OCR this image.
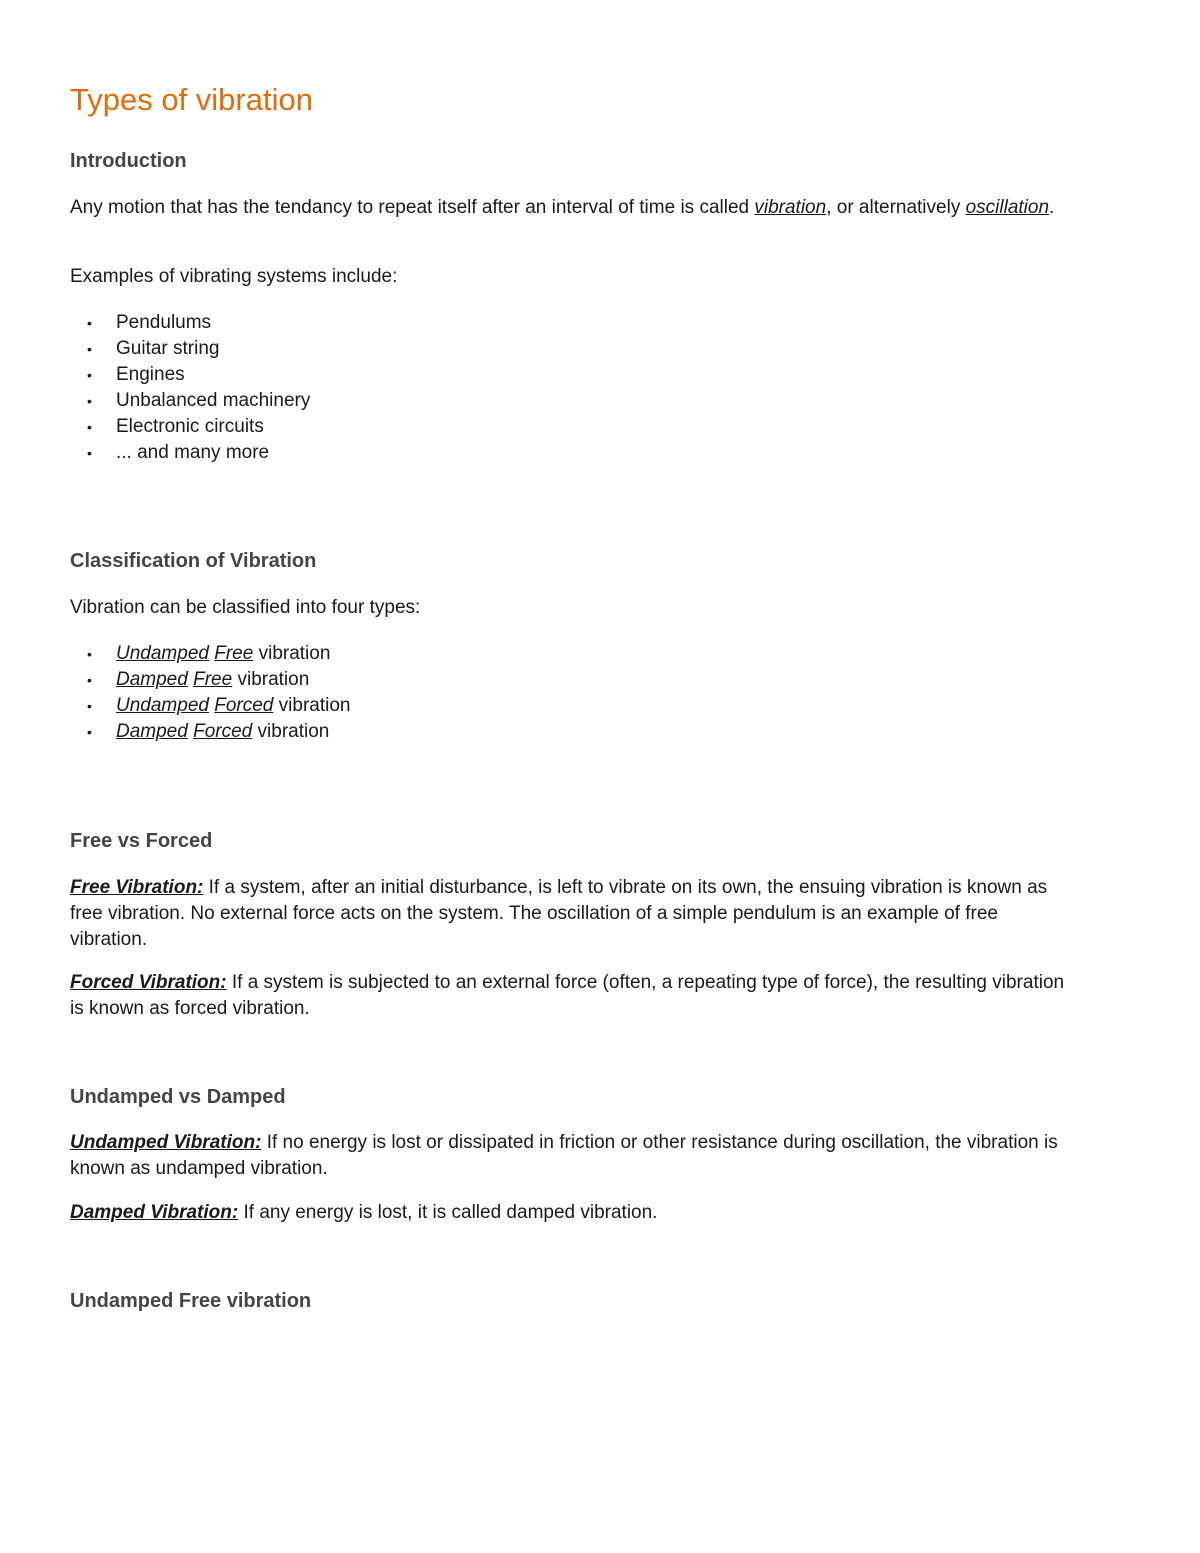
Types of vibration
Introduction

Any motion that has the tendancy to repeat itself after an interval of time is called vibration, or alternatively oscillation.

Examples of vibrating systems include:

• Pendulums
• Guitar string
• Engines
• Unbalanced machinery
• Electronic circuits
• ... and many more
Classification of Vibration

Vibration can be classified into four types:

• Undamped Free vibration
• Damped Free vibration
• Undamped Forced vibration
• Damped Forced vibration
Free vs Forced

Free Vibration: If a system, after an initial disturbance, is left to vibrate on its own, the ensuing vibration is known as free vibration. No external force acts on the system. The oscillation of a simple pendulum is an example of free vibration.

Forced Vibration: If a system is subjected to an external force (often, a repeating type of force), the resulting vibration is known as forced vibration.

Undamped vs Damped

Undamped Vibration: If no energy is lost or dissipated in friction or other resistance during oscillation, the vibration is known as undamped vibration.

Damped Vibration: If any energy is lost, it is called damped vibration.

Undamped Free vibration
